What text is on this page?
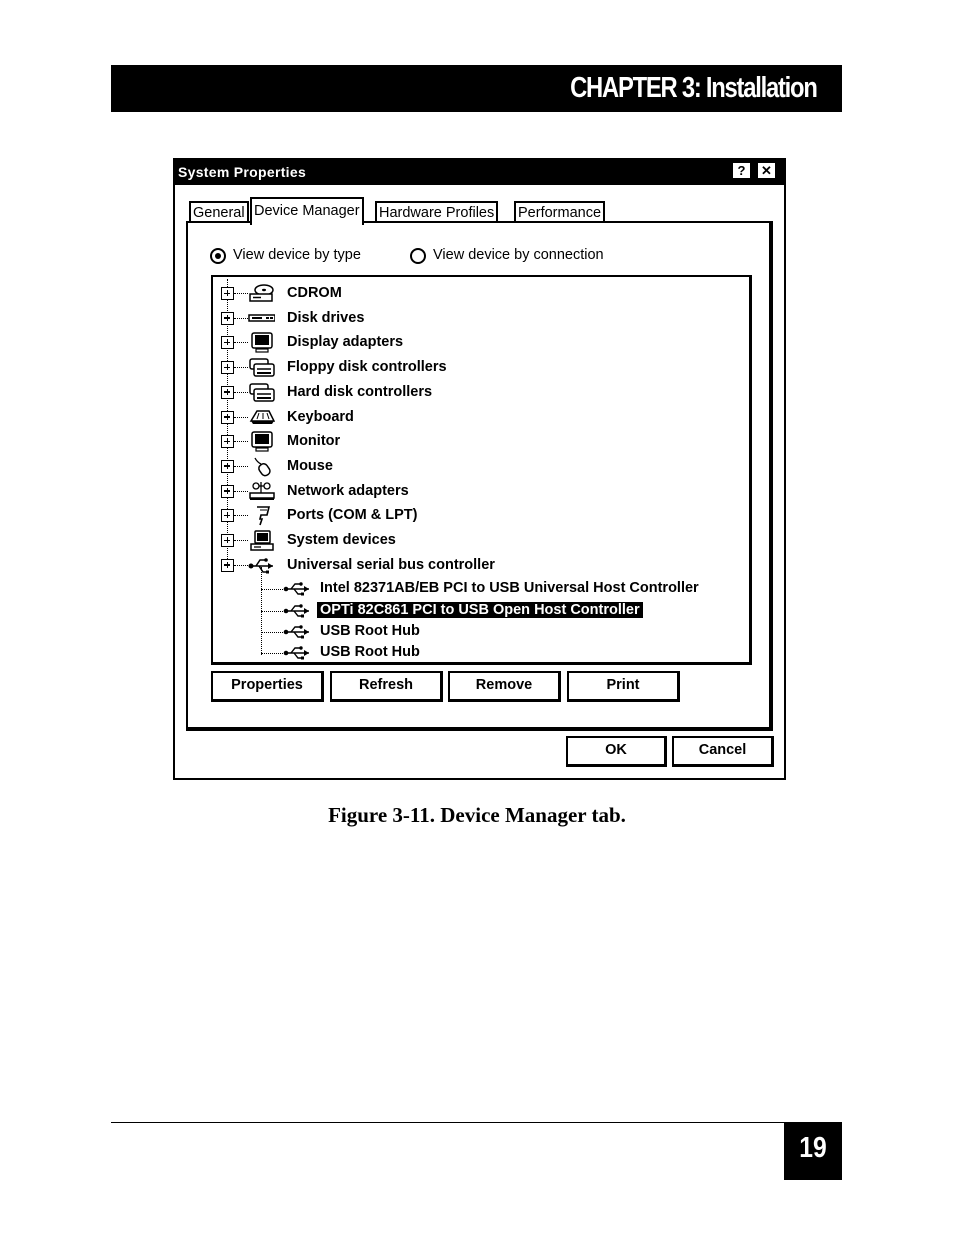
CHAPTER 3: Installation
System Properties	? ✕
General Device Manager Hardware Profiles Performance
View device by type	View device by connection
CDROM
Disk drives
Display adapters
Floppy disk controllers
Hard disk controllers
Keyboard
Monitor
Mouse
Network adapters
Ports (COM & LPT)
System devices
Universal serial bus controller
Intel 82371AB/EB PCI to USB Universal Host Controller
OPTi 82C861 PCI to USB Open Host Controller
USB Root Hub
USB Root Hub
Properties	Refresh	Remove	Print
OK	Cancel
Figure 3-11. Device Manager tab.
19
